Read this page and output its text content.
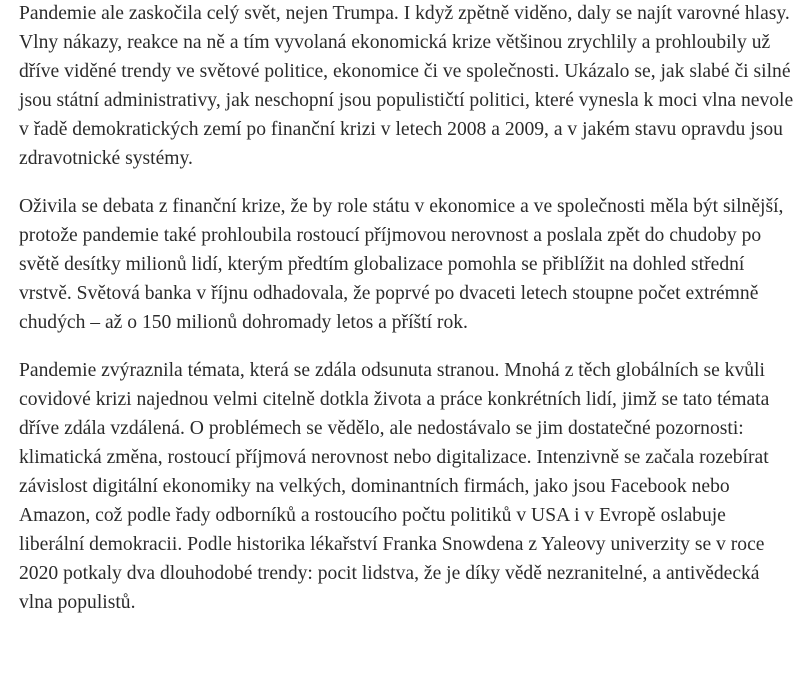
Pandemie ale zaskočila celý svět, nejen Trumpa. I když zpětně viděno, daly se najít varovné hlasy. Vlny nákazy, reakce na ně a tím vyvolaná ekonomická krize většinou zrychlily a prohloubily už dříve viděné trendy ve světové politice, ekonomice či ve společnosti. Ukázalo se, jak slabé či silné jsou státní administrativy, jak neschopní jsou populističtí politici, které vynesla k moci vlna nevole v řadě demokratických zemí po finanční krizi v letech 2008 a 2009, a v jakém stavu opravdu jsou zdravotnické systémy.

Oživila se debata z finanční krize, že by role státu v ekonomice a ve společnosti měla být silnější, protože pandemie také prohloubila rostoucí příjmovou nerovnost a poslala zpět do chudoby po světě desítky milionů lidí, kterým předtím globalizace pomohla se přiblížit na dohled střední vrstvě. Světová banka v říjnu odhadovala, že poprvé po dvaceti letech stoupne počet extrémně chudých – až o 150 milionů dohromady letos a příští rok.

Pandemie zvýraznila témata, která se zdála odsunuta stranou. Mnohá z těch globálních se kvůli covidové krizi najednou velmi citelně dotkla života a práce konkrétních lidí, jimž se tato témata dříve zdála vzdálená. O problémech se vědělo, ale nedostávalo se jim dostatečné pozornosti: klimatická změna, rostoucí příjmová nerovnost nebo digitalizace. Intenzivně se začala rozebírat závislost digitální ekonomiky na velkých, dominantních firmách, jako jsou Facebook nebo Amazon, což podle řady odborníků a rostoucího počtu politiků v USA i v Evropě oslabuje liberální demokracii. Podle historika lékařství Franka Snowdena z Yaleovy univerzity se v roce 2020 potkaly dva dlouhodobé trendy: pocit lidstva, že je díky vědě nezranitelné, a antivědecká vlna populistů.
